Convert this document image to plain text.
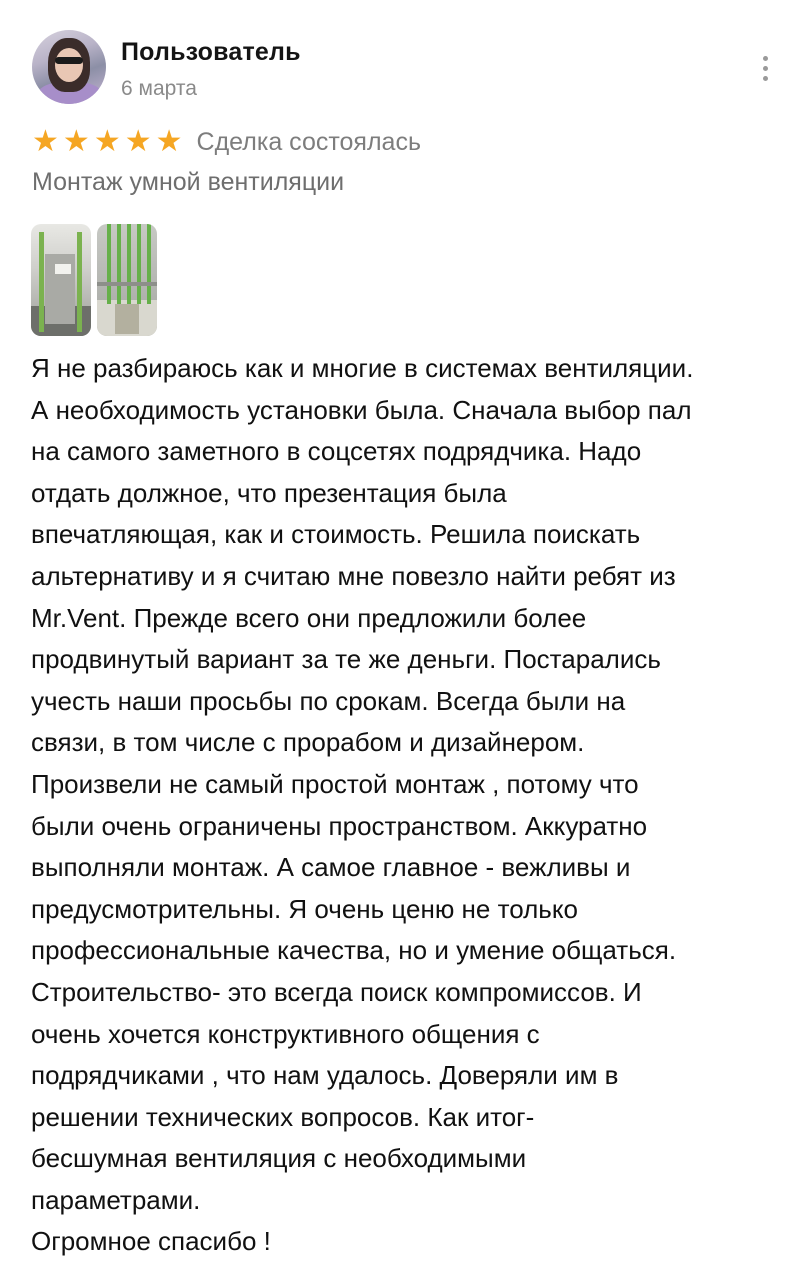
Пользователь
6 марта
★ ★ ★ ★ ★ Сделка состоялась
Монтаж умной вентиляции

Я не разбираюсь как и многие в системах вентиляции.

А необходимость установки была. Сначала выбор пал

на самого заметного в соцсетях подрядчика. Надо

отдать должное, что презентация была

впечатляющая, как и стоимость. Решила поискать

альтернативу и я считаю мне повезло найти ребят из

Mr.Vent. Прежде всего они предложили более

продвинутый вариант за те же деньги. Постарались

учесть наши просьбы по срокам. Всегда были на

связи, в том числе с прорабом и дизайнером.

Произвели не самый простой монтаж , потому что

были очень ограничены пространством. Аккуратно

выполняли монтаж. А самое главное - вежливы и

предусмотрительны. Я очень ценю не только

профессиональные качества, но и умение общаться.

Строительство- это всегда поиск компромиссов. И

очень хочется конструктивного общения с

подрядчиками , что нам удалось. Доверяли им в

решении технических вопросов. Как итог-

бесшумная вентиляция с необходимыми

параметрами.

Огромное спасибо !
